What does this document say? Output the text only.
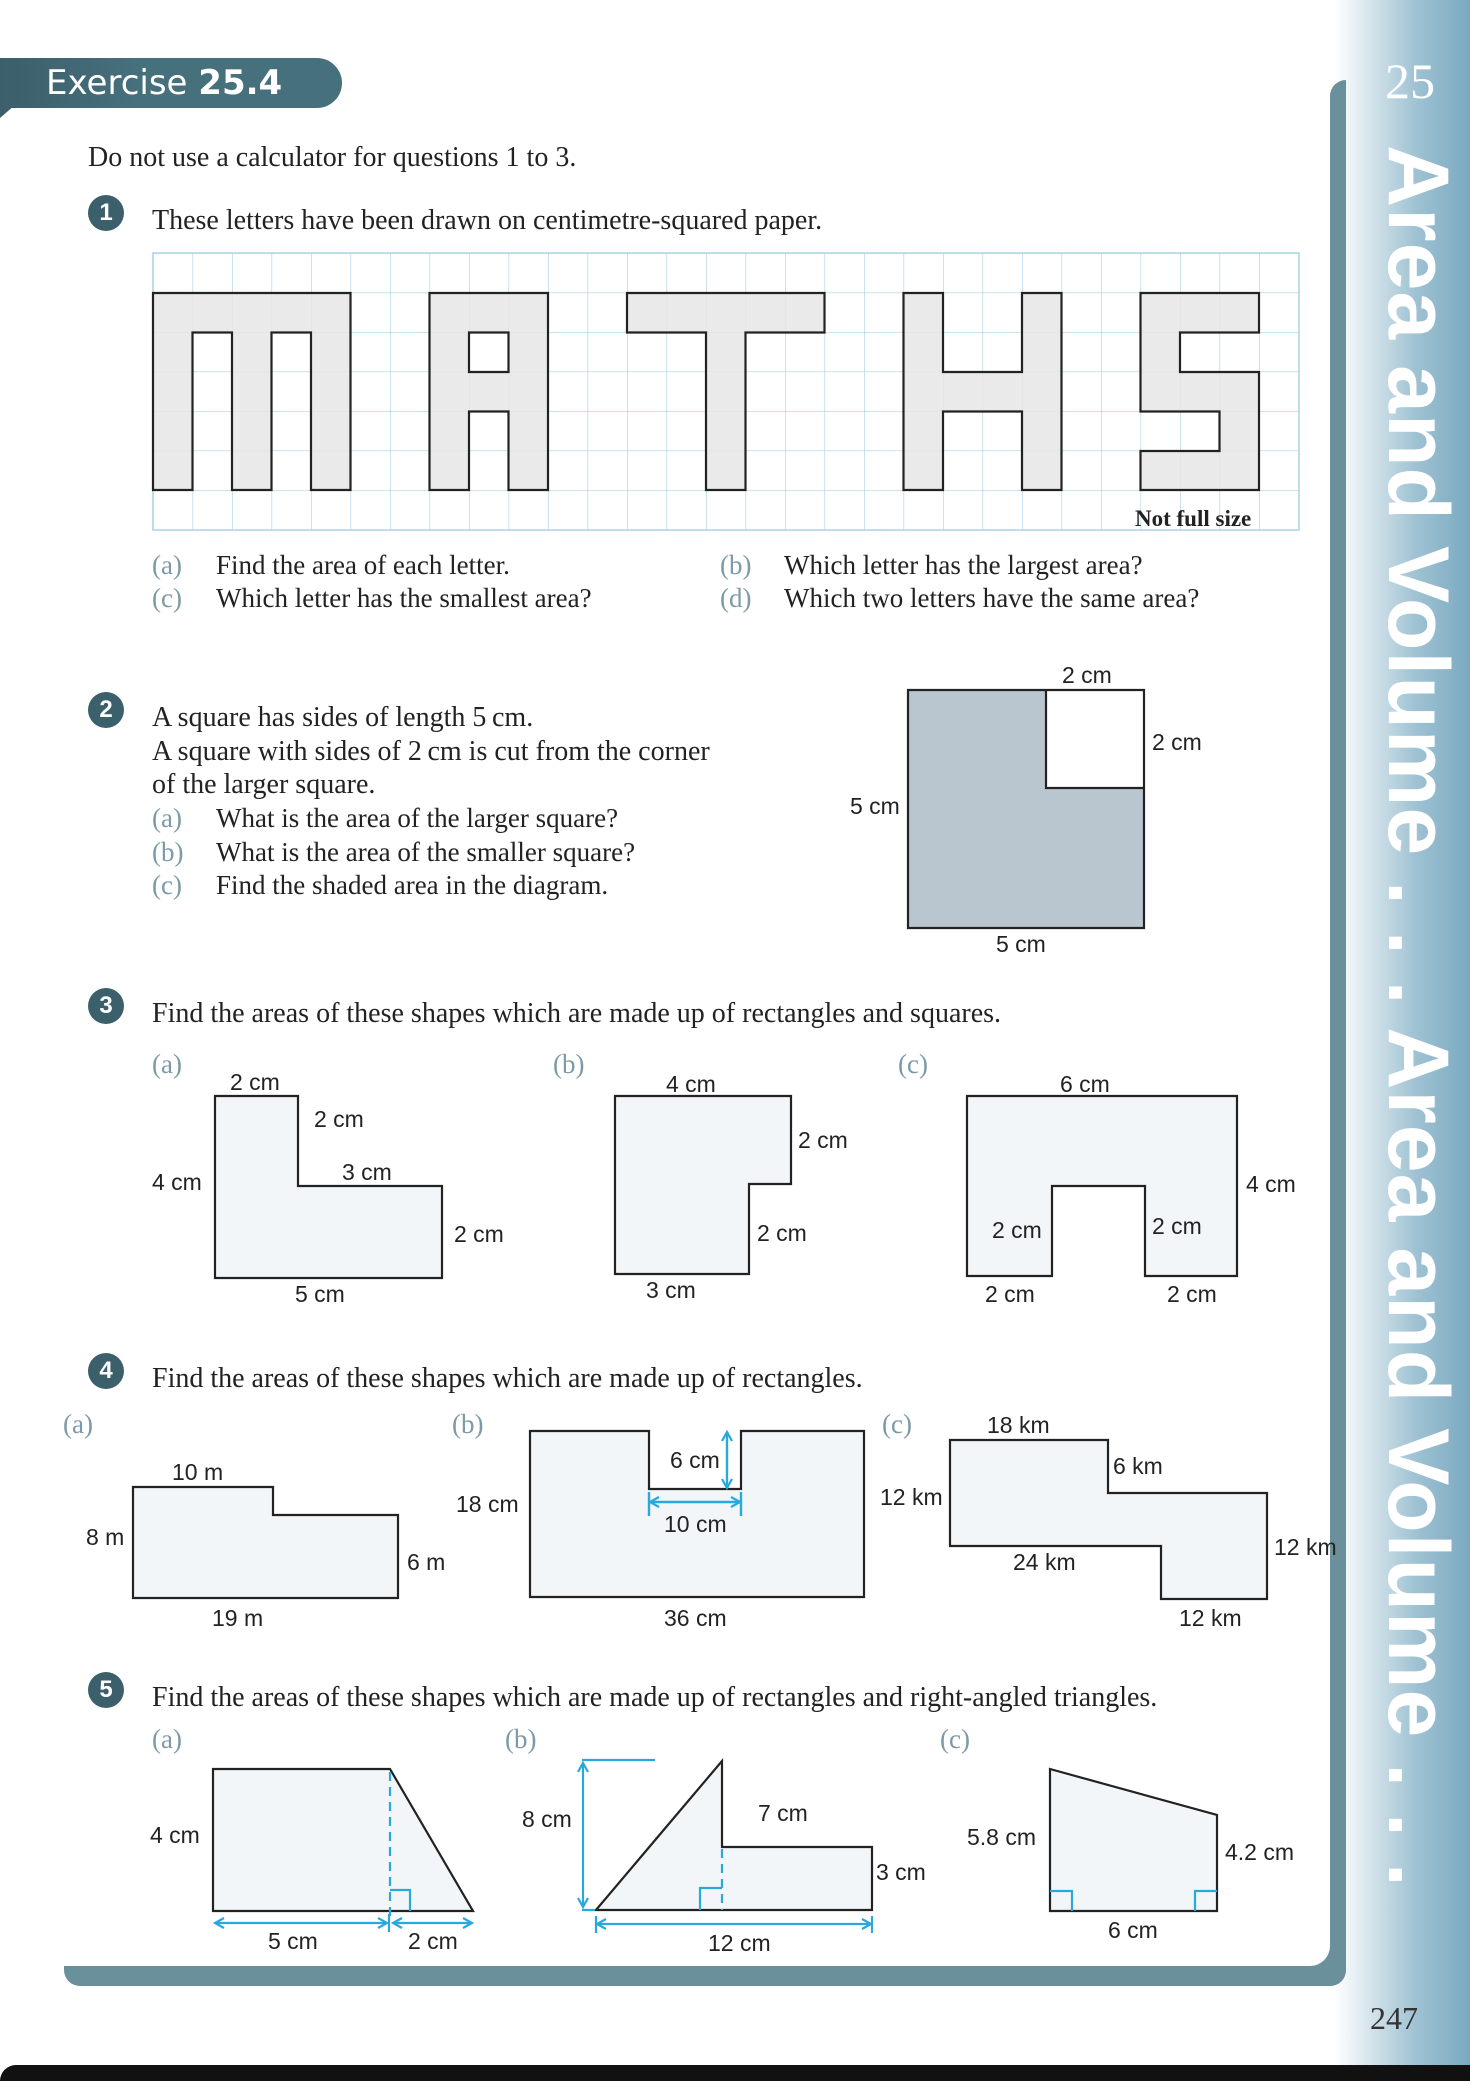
25
Area and Volume . . . Area and Volume . . .
247
Exercise 25.4
Do not use a calculator for questions 1 to 3.
1	These letters have been drawn on centimetre-squared paper.
Not full size
(a) Find the area of each letter.	(b) Which letter has the largest area?
(c) Which letter has the smallest area?	(d) Which two letters have the same area?
2	A square has sides of length 5 cm.
A square with sides of 2 cm is cut from the corner
of the larger square.
(a) What is the area of the larger square?
(b) What is the area of the smaller square?
(c) Find the shaded area in the diagram.
2 cm
2 cm
5 cm
5 cm
3	Find the areas of these shapes which are made up of rectangles and squares.
(a)
2 cm
2 cm
3 cm
4 cm
2 cm
5 cm
(b)
4 cm
2 cm
2 cm
3 cm
(c)
6 cm
4 cm
2 cm	2 cm
2 cm	2 cm
4	Find the areas of these shapes which are made up of rectangles.
(a)
10 m
8 m
6 m
19 m
(b)
6 cm
18 cm
10 cm
36 cm
(c)	18 km
6 km
12 km
24 km
12 km
12 km
5	Find the areas of these shapes which are made up of rectangles and right-angled triangles.
(a)
4 cm
5 cm	2 cm
(b)
8 cm	7 cm
3 cm
12 cm
(c)
5.8 cm
4.2 cm
6 cm
